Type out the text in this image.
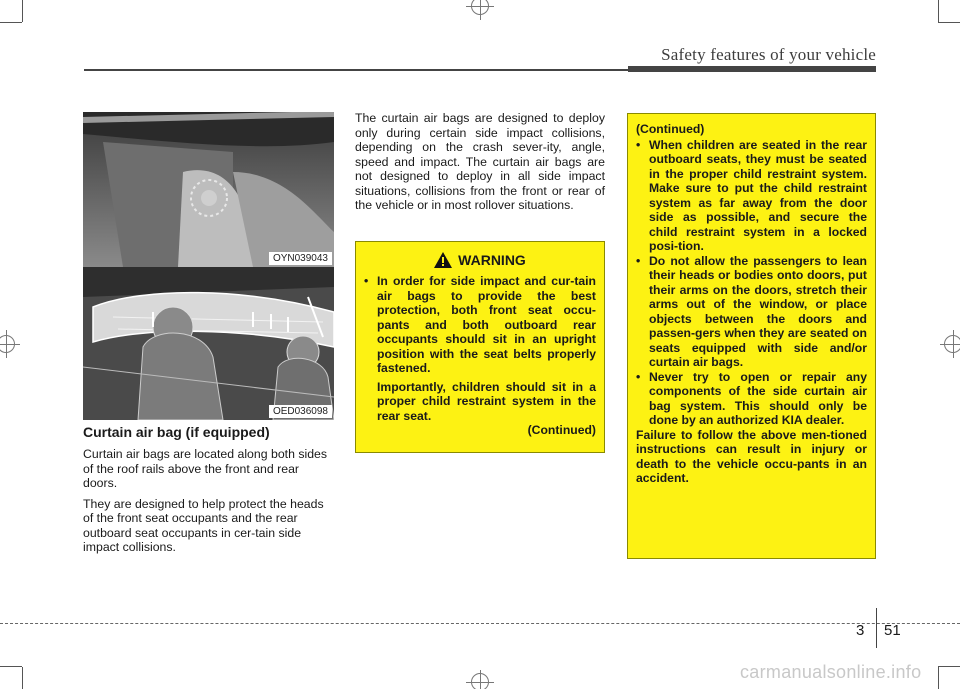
Safety features of your vehicle
OYN039043
OED036098
Curtain air bag (if equipped)

Curtain air bags are located along both sides of the roof rails above the front and rear doors.

They are designed to help protect the heads of the front seat occupants and the rear outboard seat occupants in cer-tain side impact collisions.

The curtain air bags are designed to deploy only during certain side impact collisions, depending on the crash sever-ity, angle, speed and impact. The curtain air bags are not designed to deploy in all side impact situations, collisions from the front or rear of the vehicle or in most rollover situations.
WARNING
• In order for side impact and cur-tain air bags to provide the best protection, both front seat occu-pants and both outboard rear occupants should sit in an upright position with the seat belts properly fastened.
Importantly, children should sit in a proper child restraint system in the rear seat.
(Continued)
(Continued)
• When children are seated in the rear outboard seats, they must be seated in the proper child restraint system. Make sure to put the child restraint system as far away from the door side as possible, and secure the child restraint system in a locked posi-tion.
• Do not allow the passengers to lean their heads or bodies onto doors, put their arms on the doors, stretch their arms out of the window, or place objects between the doors and passen-gers when they are seated on seats equipped with side and/or curtain air bags.
• Never try to open or repair any components of the side curtain air bag system. This should only be done by an authorized KIA dealer.
Failure to follow the above men-tioned instructions can result in injury or death to the vehicle occu-pants in an accident.
3 51
carmanualsonline.info
